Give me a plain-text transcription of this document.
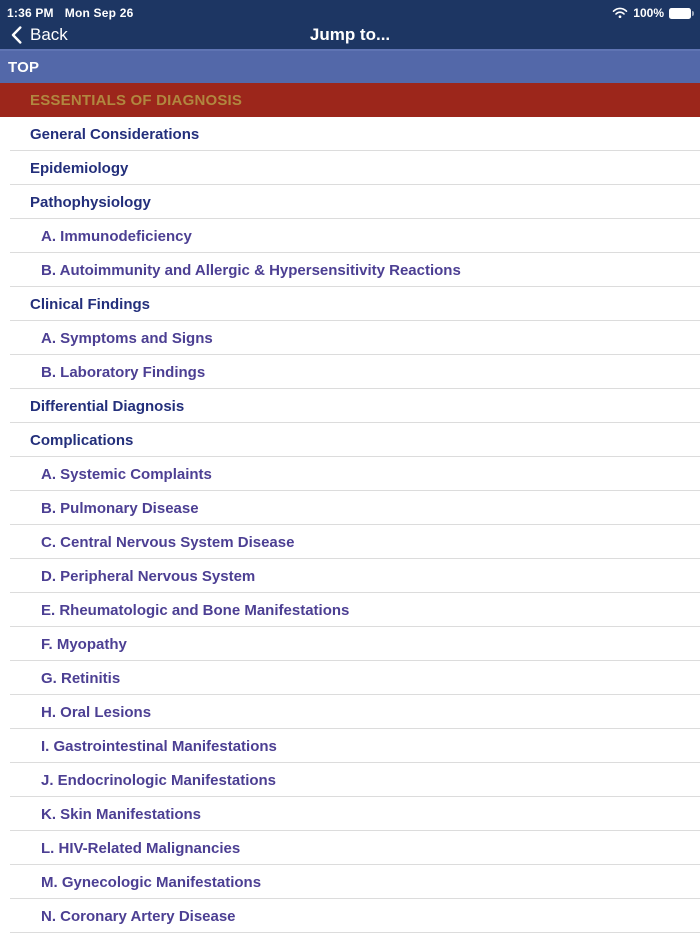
1:36 PM Mon Sep 26	100%
Back	Jump to...
TOP
ESSENTIALS OF DIAGNOSIS
General Considerations
Epidemiology
Pathophysiology
A. Immunodeficiency
B. Autoimmunity and Allergic & Hypersensitivity Reactions
Clinical Findings
A. Symptoms and Signs
B. Laboratory Findings
Differential Diagnosis
Complications
A. Systemic Complaints
B. Pulmonary Disease
C. Central Nervous System Disease
D. Peripheral Nervous System
E. Rheumatologic and Bone Manifestations
F. Myopathy
G. Retinitis
H. Oral Lesions
I. Gastrointestinal Manifestations
J. Endocrinologic Manifestations
K. Skin Manifestations
L. HIV-Related Malignancies
M. Gynecologic Manifestations
N. Coronary Artery Disease
